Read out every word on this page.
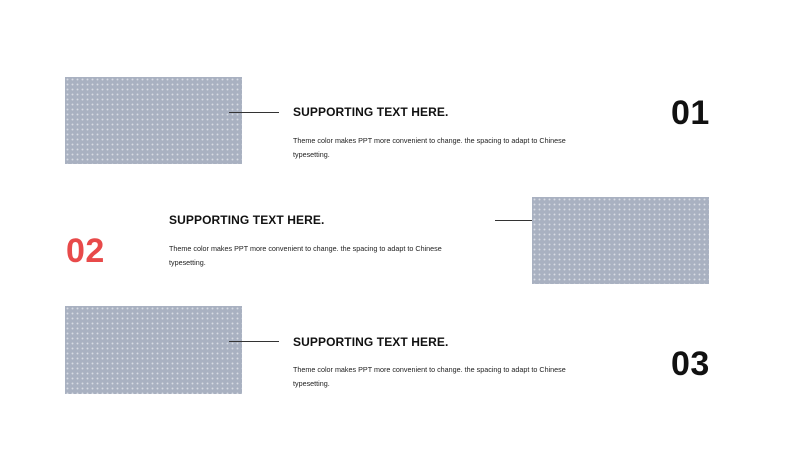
SUPPORTING TEXT HERE.
Theme color makes PPT more convenient to change. the spacing to adapt to Chinese typesetting.
01
02
SUPPORTING TEXT HERE.
Theme color makes PPT more convenient to change. the spacing to adapt to Chinese typesetting.
SUPPORTING TEXT HERE.
Theme color makes PPT more convenient to change. the spacing to adapt to Chinese typesetting.	03
